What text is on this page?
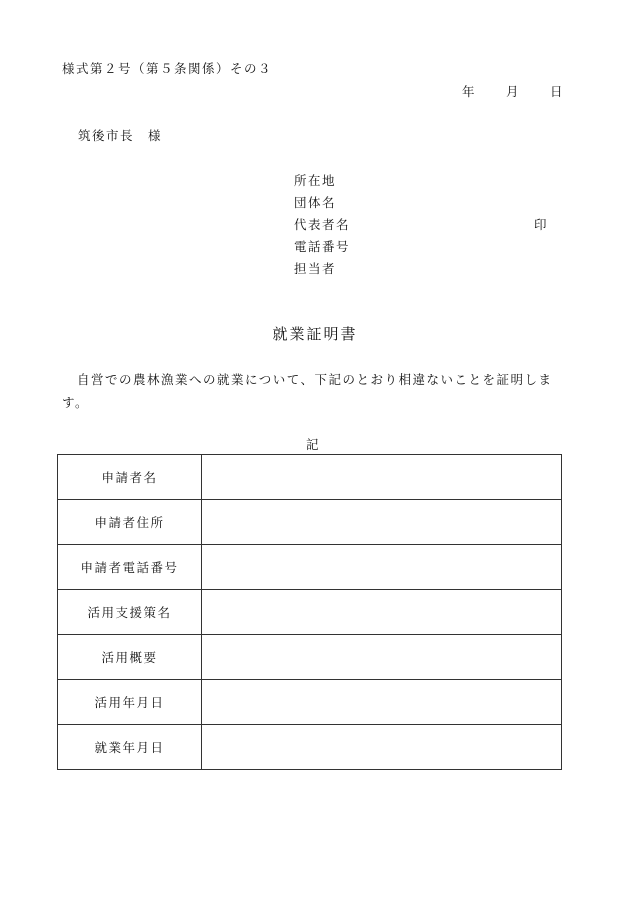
様式第２号（第５条関係）その３
年 月 日
筑後市長 様
所在地
団体名
代表者名	印
電話番号
担当者
就業証明書
自営での農林漁業への就業について、下記のとおり相違ないことを証明します。
記
申請者名	
申請者住所	
申請者電話番号	
活用支援策名	
活用概要	
活用年月日	
就業年月日	
